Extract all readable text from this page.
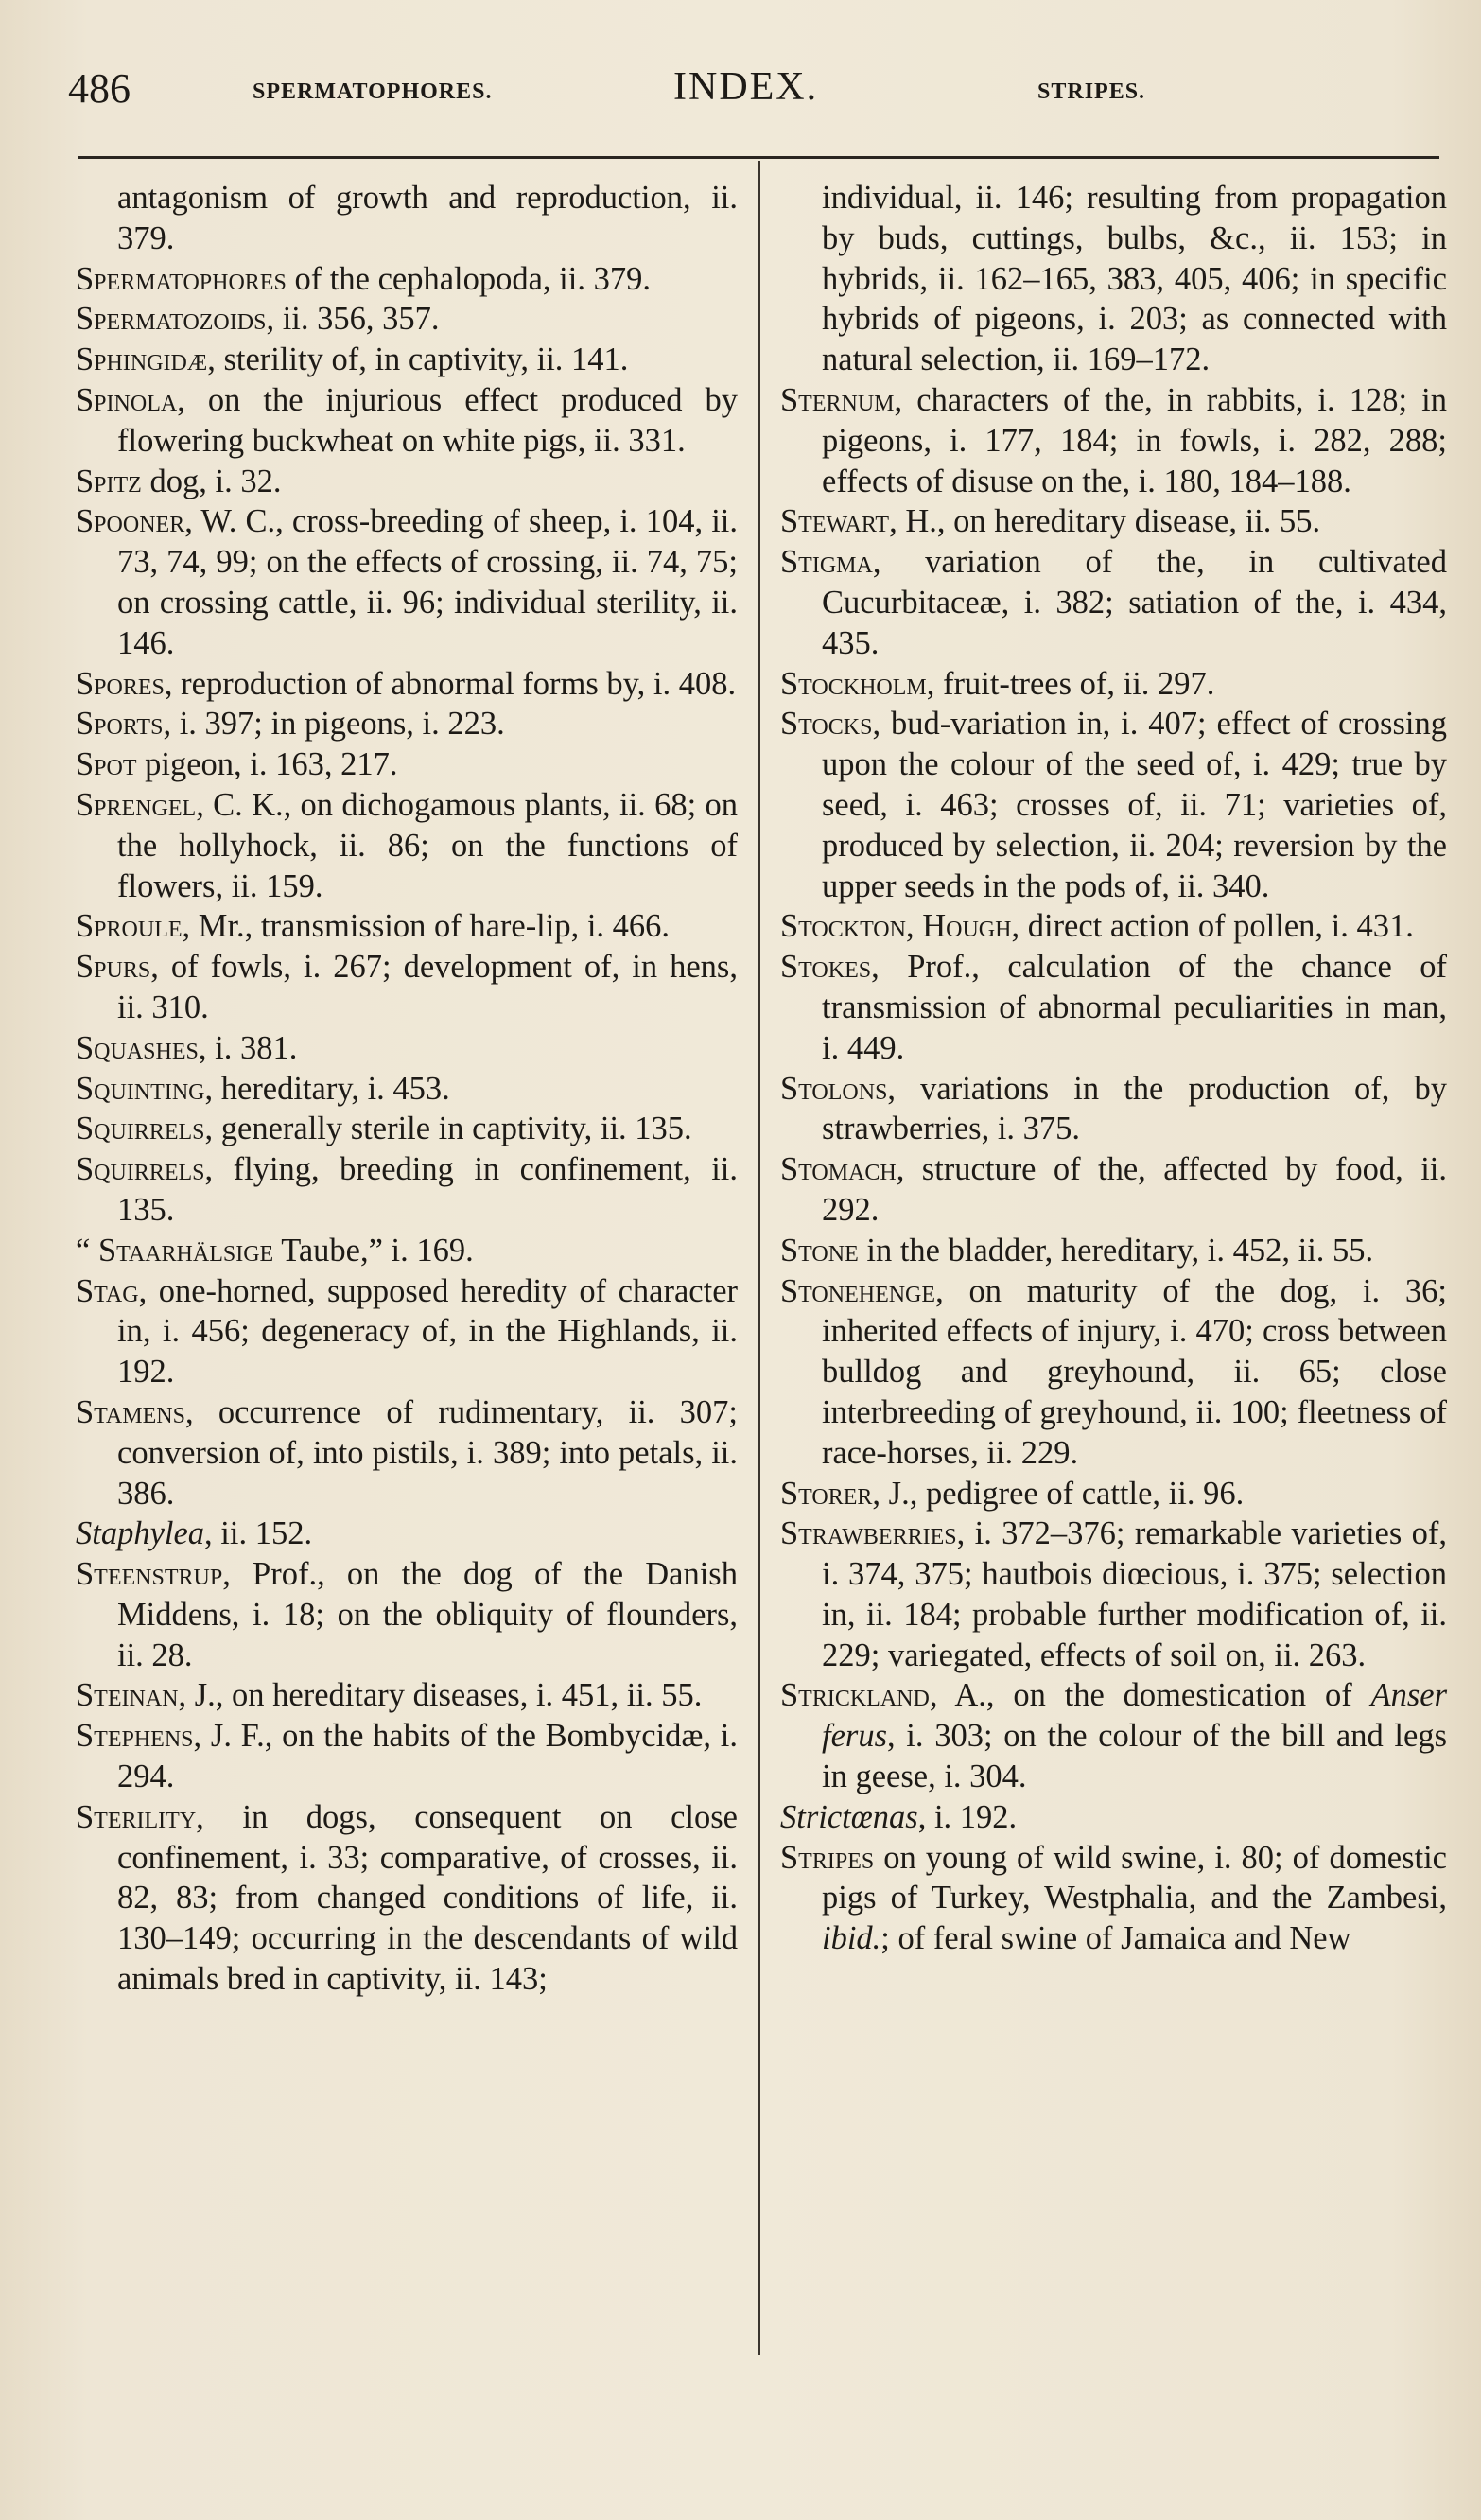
486	SPERMATOPHORES.	INDEX.	STRIPES.

antagonism of growth and reproduction, ii. 379.

Spermatophores of the cephalopoda, ii. 379.

Spermatozoids, ii. 356, 357.

Sphingidæ, sterility of, in captivity, ii. 141.

Spinola, on the injurious effect produced by flowering buckwheat on white pigs, ii. 331.

Spitz dog, i. 32.

Spooner, W. C., cross-breeding of sheep, i. 104, ii. 73, 74, 99; on the effects of crossing, ii. 74, 75; on crossing cattle, ii. 96; individual sterility, ii. 146.

Spores, reproduction of abnormal forms by, i. 408.

Sports, i. 397; in pigeons, i. 223.

Spot pigeon, i. 163, 217.

Sprengel, C. K., on dichogamous plants, ii. 68; on the hollyhock, ii. 86; on the functions of flowers, ii. 159.

Sproule, Mr., transmission of hare-lip, i. 466.

Spurs, of fowls, i. 267; development of, in hens, ii. 310.

Squashes, i. 381.

Squinting, hereditary, i. 453.

Squirrels, generally sterile in captivity, ii. 135.

Squirrels, flying, breeding in confinement, ii. 135.

“ Staarhälsige Taube,” i. 169.

Stag, one-horned, supposed heredity of character in, i. 456; degeneracy of, in the Highlands, ii. 192.

Stamens, occurrence of rudimentary, ii. 307; conversion of, into pistils, i. 389; into petals, ii. 386.

Staphylea, ii. 152.

Steenstrup, Prof., on the dog of the Danish Middens, i. 18; on the obliquity of flounders, ii. 28.

Steinan, J., on hereditary diseases, i. 451, ii. 55.

Stephens, J. F., on the habits of the Bombycidæ, i. 294.

Sterility, in dogs, consequent on close confinement, i. 33; comparative, of crosses, ii. 82, 83; from changed conditions of life, ii. 130–149; occurring in the descendants of wild animals bred in captivity, ii. 143;

individual, ii. 146; resulting from propagation by buds, cuttings, bulbs, &c., ii. 153; in hybrids, ii. 162–165, 383, 405, 406; in specific hybrids of pigeons, i. 203; as connected with natural selection, ii. 169–172.

Sternum, characters of the, in rabbits, i. 128; in pigeons, i. 177, 184; in fowls, i. 282, 288; effects of disuse on the, i. 180, 184–188.

Stewart, H., on hereditary disease, ii. 55.

Stigma, variation of the, in cultivated Cucurbitaceæ, i. 382; satiation of the, i. 434, 435.

Stockholm, fruit-trees of, ii. 297.

Stocks, bud-variation in, i. 407; effect of crossing upon the colour of the seed of, i. 429; true by seed, i. 463; crosses of, ii. 71; varieties of, produced by selection, ii. 204; reversion by the upper seeds in the pods of, ii. 340.

Stockton, Hough, direct action of pollen, i. 431.

Stokes, Prof., calculation of the chance of transmission of abnormal peculiarities in man, i. 449.

Stolons, variations in the production of, by strawberries, i. 375.

Stomach, structure of the, affected by food, ii. 292.

Stone in the bladder, hereditary, i. 452, ii. 55.

Stonehenge, on maturity of the dog, i. 36; inherited effects of injury, i. 470; cross between bulldog and greyhound, ii. 65; close interbreeding of greyhound, ii. 100; fleetness of race-horses, ii. 229.

Storer, J., pedigree of cattle, ii. 96.

Strawberries, i. 372–376; remarkable varieties of, i. 374, 375; hautbois diœcious, i. 375; selection in, ii. 184; probable further modification of, ii. 229; variegated, effects of soil on, ii. 263.

Strickland, A., on the domestication of Anser ferus, i. 303; on the colour of the bill and legs in geese, i. 304.

Strictœnas, i. 192.

Stripes on young of wild swine, i. 80; of domestic pigs of Turkey, Westphalia, and the Zambesi, ibid.; of feral swine of Jamaica and New
